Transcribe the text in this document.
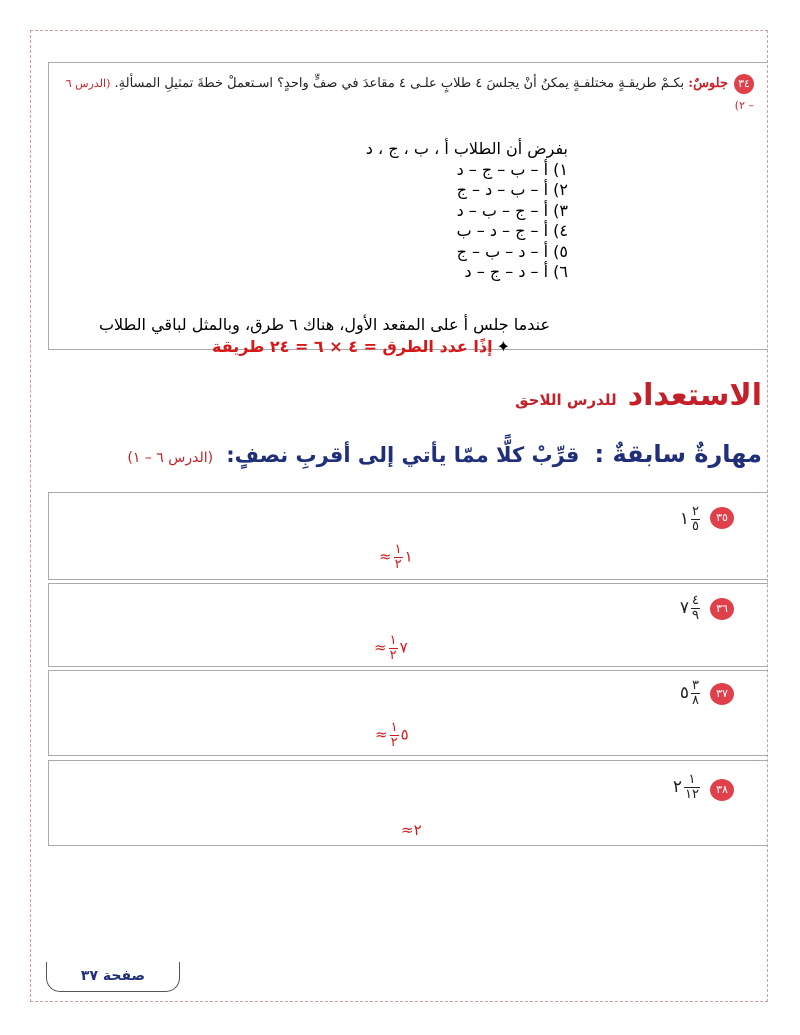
٣٤جلوسٌ: بكـمْ طريقـةٍ مختلفـةٍ يمكنُ أنْ يجلسَ ٤ طلابٍ علـى ٤ مقاعدَ في صفٍّ واحدٍ؟ اسـتعملْ خطةَ تمثيلِ المسألةِ. (الدرس ٦ – ٢)
بفرض أن الطلاب أ ، ب ، ج ، د
١) أ – ب – ج – د
٢) أ – ب – د – ج
٣) أ – ج – ب – د
٤) أ – ج – د – ب
٥) أ – د – ب – ج
٦) أ – د – ج – د
عندما جلس أ على المقعد الأول، هناك ٦ طرق، وبالمثل لباقي الطلاب
✦إذًا عدد الطرق = ٤ × ٦ = ٢٤ طريقة
الاستعداد للدرس اللاحق
مهارةٌ سابقةٌ : قرِّبْ كلًّا ممّا يأتي إلى أقربِ نصفٍ: (الدرس ٦ – ١)
٣٥
١ $\frac{٢}{٥}$
≈ $\frac{١}{٢}$ ١
٣٦
٧ $\frac{٤}{٩}$
≈ $\frac{١}{٢}$ ٧
٣٧
٥ $\frac{٣}{٨}$
≈ $\frac{١}{٢}$ ٥
٣٨
٢ $\frac{١}{١٢}$
≈٢
صفحة ٣٧
